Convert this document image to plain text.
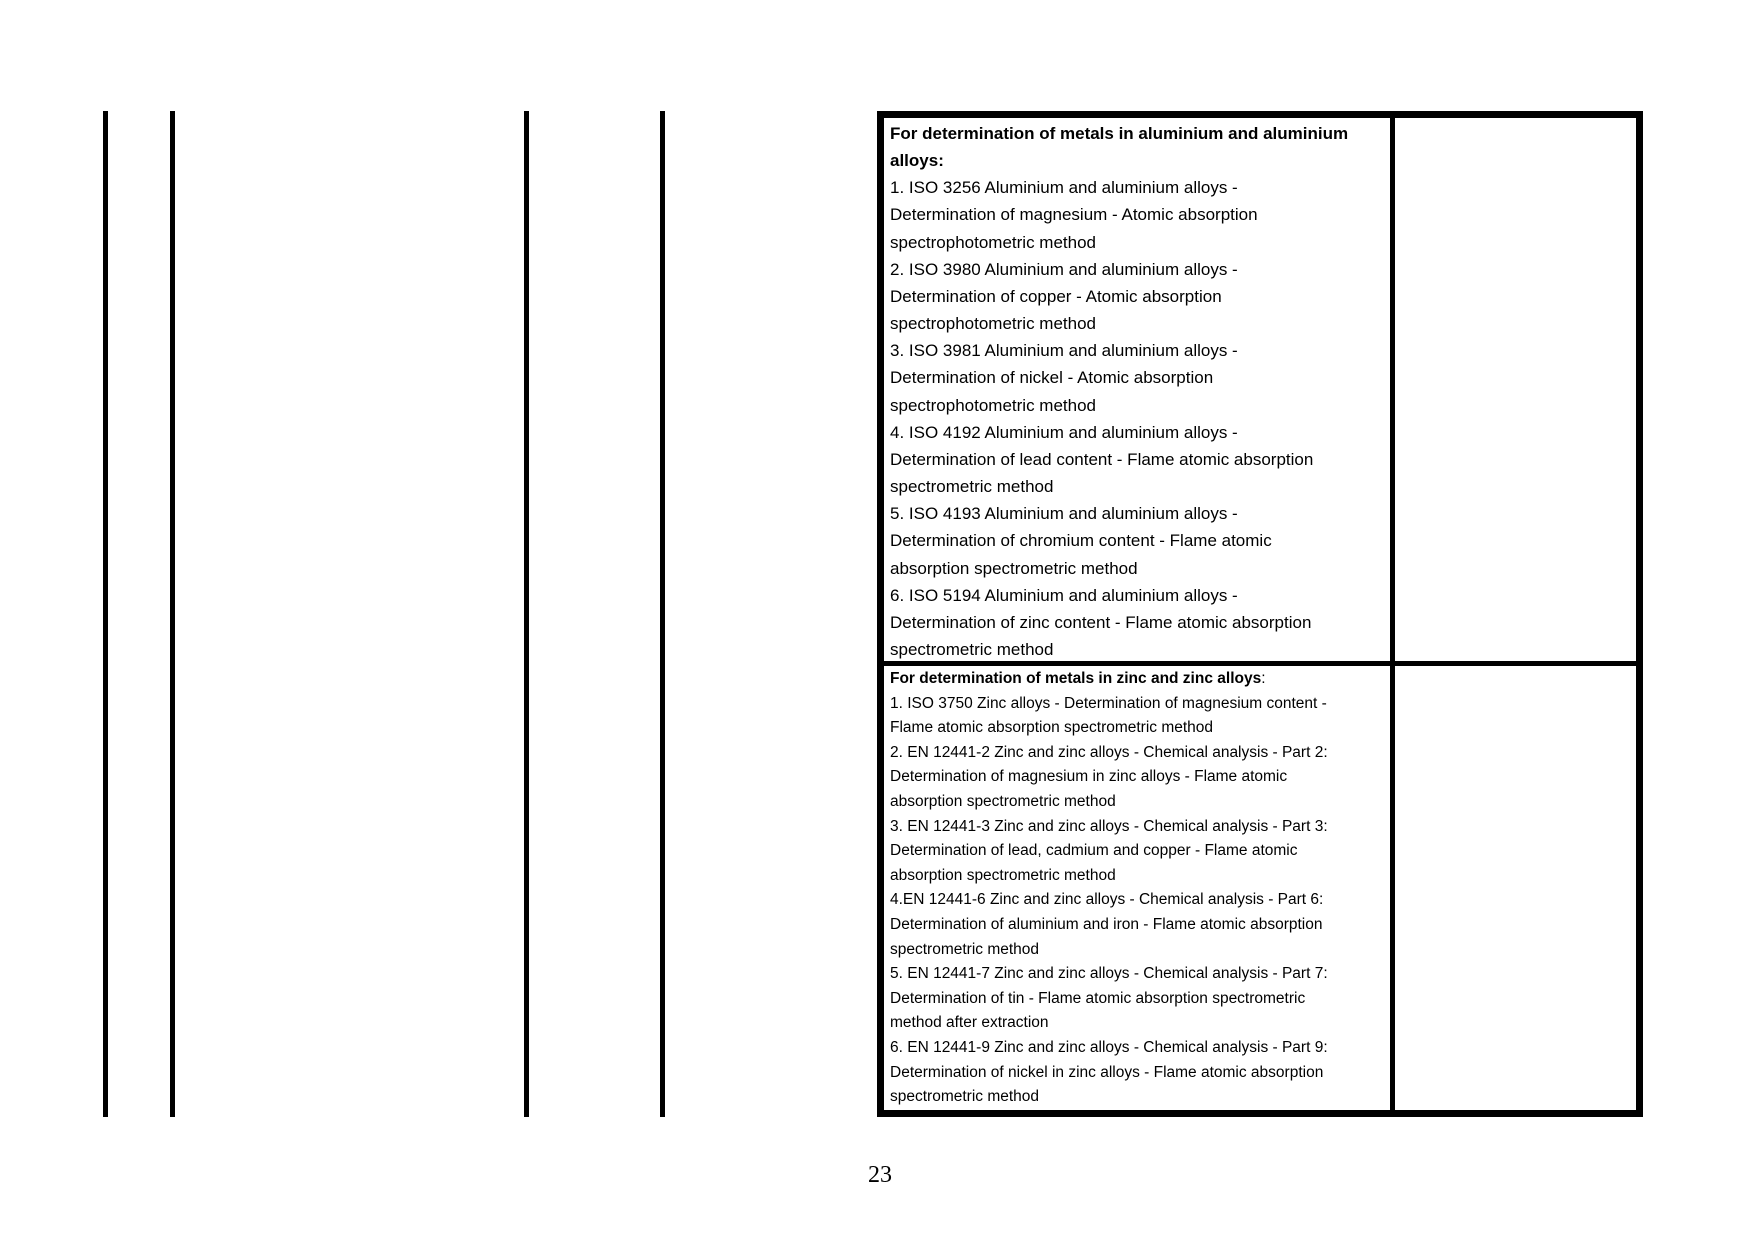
For determination of metals in aluminium and aluminium
alloys:
1. ISO 3256 Aluminium and aluminium alloys -
Determination of magnesium - Atomic absorption
spectrophotometric method
2. ISO 3980 Aluminium and aluminium alloys -
Determination of copper - Atomic absorption
spectrophotometric method
3. ISO 3981 Aluminium and aluminium alloys -
Determination of nickel - Atomic absorption
spectrophotometric method
4. ISO 4192 Aluminium and aluminium alloys -
Determination of lead content - Flame atomic absorption
spectrometric method
5. ISO 4193 Aluminium and aluminium alloys -
Determination of chromium content - Flame atomic
absorption spectrometric method
6. ISO 5194 Aluminium and aluminium alloys -
Determination of zinc content - Flame atomic absorption
spectrometric method
For determination of metals in zinc and zinc alloys:
1. ISO 3750 Zinc alloys - Determination of magnesium content -
Flame atomic absorption spectrometric method
2. EN 12441-2 Zinc and zinc alloys - Chemical analysis - Part 2:
Determination of magnesium in zinc alloys - Flame atomic
absorption spectrometric method
3. EN 12441-3 Zinc and zinc alloys - Chemical analysis - Part 3:
Determination of lead, cadmium and copper - Flame atomic
absorption spectrometric method
4.EN 12441-6 Zinc and zinc alloys - Chemical analysis - Part 6:
Determination of aluminium and iron - Flame atomic absorption
spectrometric method
5. EN 12441-7 Zinc and zinc alloys - Chemical analysis - Part 7:
Determination of tin - Flame atomic absorption spectrometric
method after extraction
6. EN 12441-9 Zinc and zinc alloys - Chemical analysis - Part 9:
Determination of nickel in zinc alloys - Flame atomic absorption
spectrometric method
23
